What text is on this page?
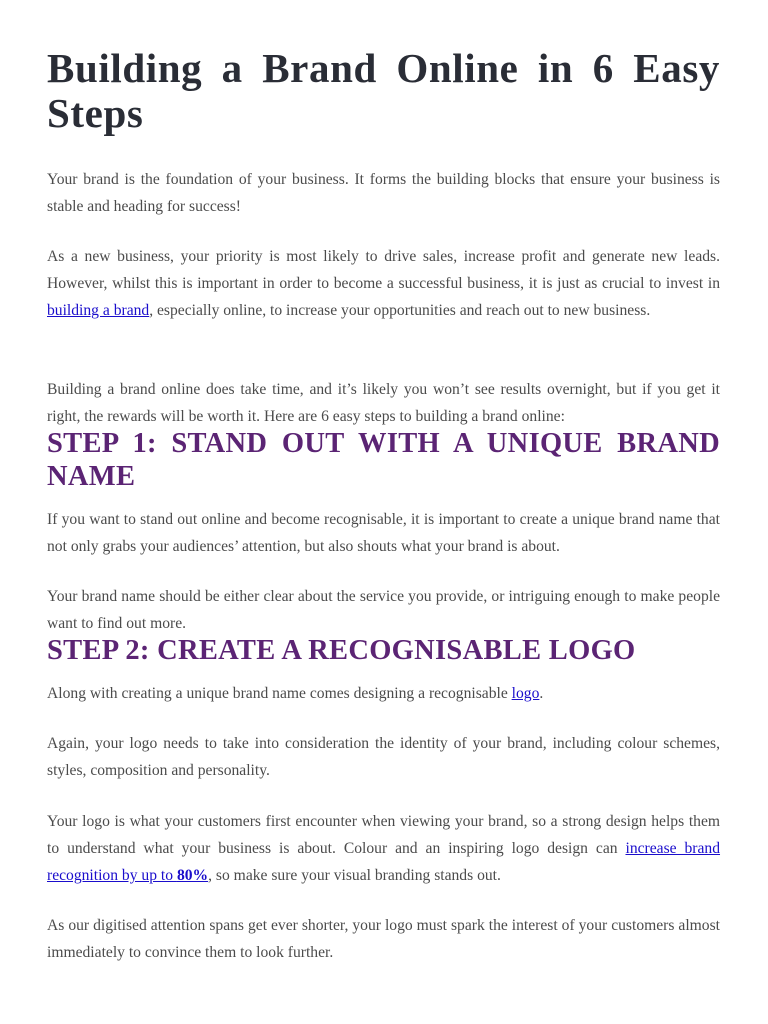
Building a Brand Online in 6 Easy Steps

Your brand is the foundation of your business. It forms the building blocks that ensure your business is stable and heading for success!

As a new business, your priority is most likely to drive sales, increase profit and generate new leads. However, whilst this is important in order to become a successful business, it is just as crucial to invest in building a brand, especially online, to increase your opportunities and reach out to new business.

Building a brand online does take time, and it’s likely you won’t see results overnight, but if you get it right, the rewards will be worth it. Here are 6 easy steps to building a brand online:

STEP 1: STAND OUT WITH A UNIQUE BRAND NAME

If you want to stand out online and become recognisable, it is important to create a unique brand name that not only grabs your audiences’ attention, but also shouts what your brand is about.

Your brand name should be either clear about the service you provide, or intriguing enough to make people want to find out more.

STEP 2: CREATE A RECOGNISABLE LOGO

Along with creating a unique brand name comes designing a recognisable logo.

Again, your logo needs to take into consideration the identity of your brand, including colour schemes, styles, composition and personality.

Your logo is what your customers first encounter when viewing your brand, so a strong design helps them to understand what your business is about. Colour and an inspiring logo design can increase brand recognition by up to 80%, so make sure your visual branding stands out.

As our digitised attention spans get ever shorter, your logo must spark the interest of your customers almost immediately to convince them to look further.
